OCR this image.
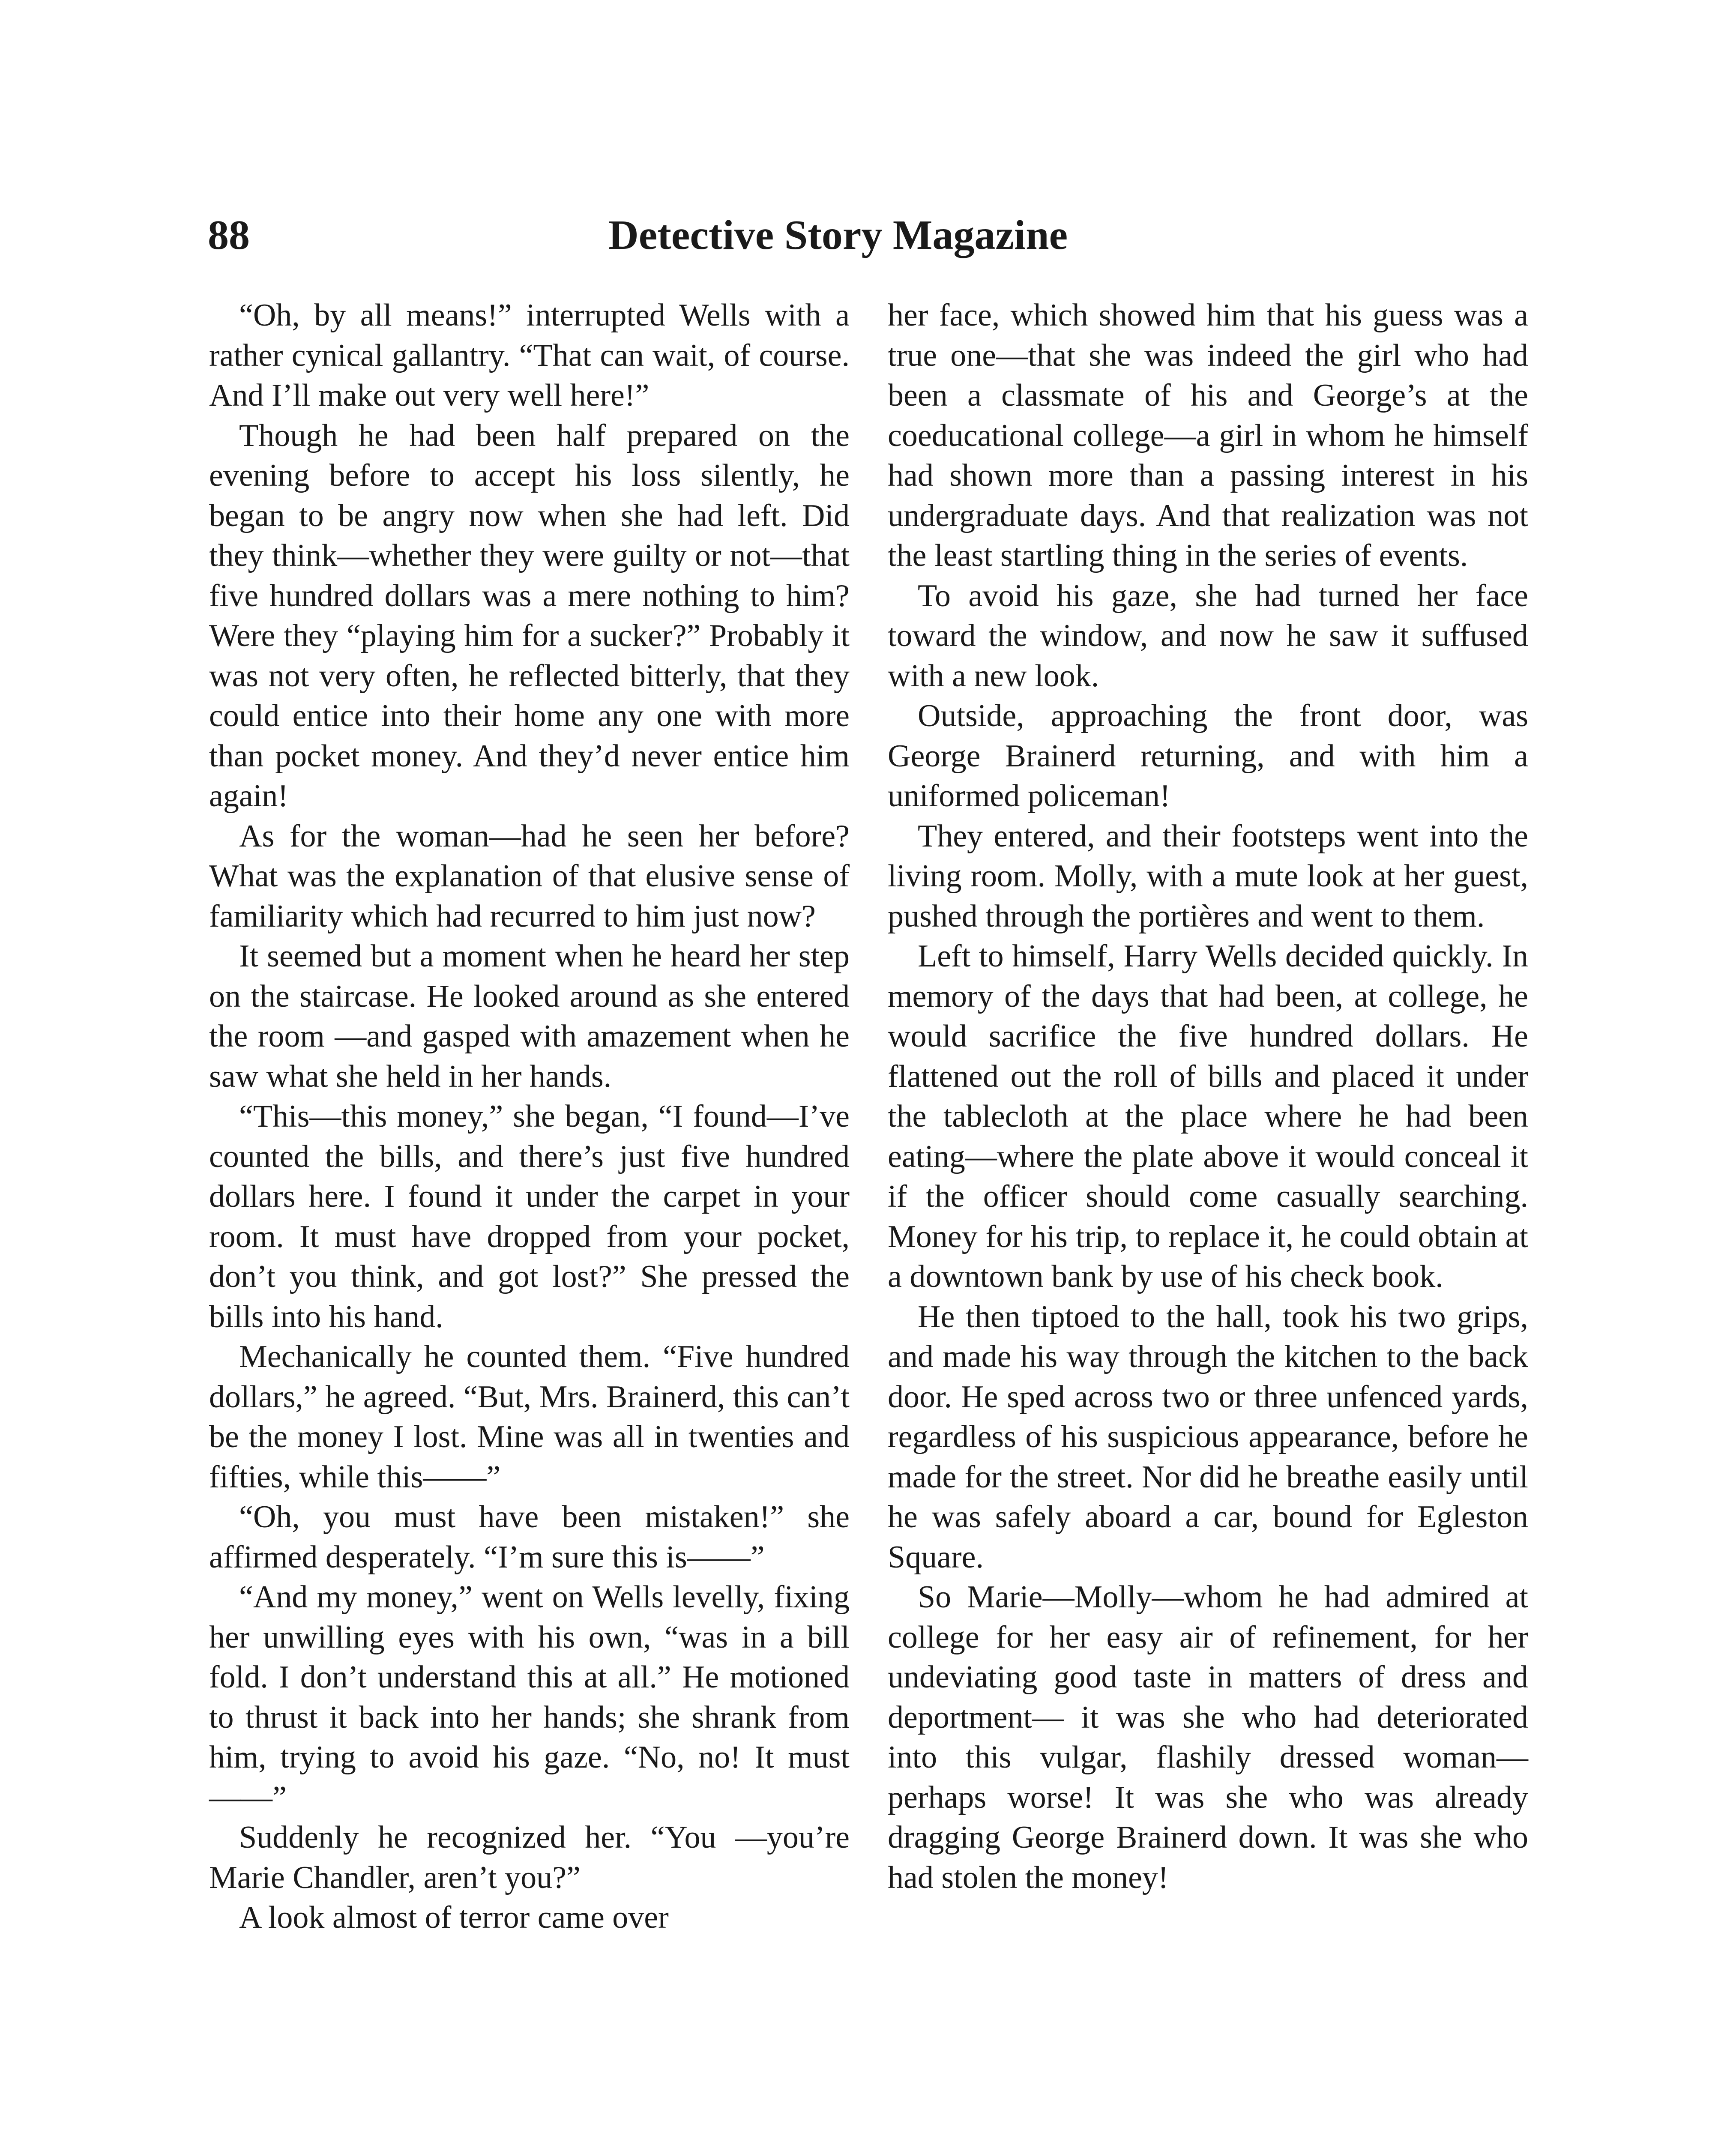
88	Detective Story Magazine

“Oh, by all means!” interrupted Wells with a rather cynical gallantry. “That can wait, of course. And I’ll make out very well here!”

Though he had been half prepared on the evening before to accept his loss silently, he began to be angry now when she had left. Did they think—whether they were guilty or not—that five hundred dollars was a mere nothing to him? Were they “playing him for a sucker?” Probably it was not very often, he reflected bitterly, that they could entice into their home any one with more than pocket money. And they’d never entice him again!

As for the woman—had he seen her before? What was the explanation of that elusive sense of familiarity which had recurred to him just now?

It seemed but a moment when he heard her step on the staircase. He looked around as she entered the room —and gasped with amazement when he saw what she held in her hands.

“This—this money,” she began, “I found—I’ve counted the bills, and there’s just five hundred dollars here. I found it under the carpet in your room. It must have dropped from your pocket, don’t you think, and got lost?” She pressed the bills into his hand.

Mechanically he counted them. “Five hundred dollars,” he agreed. “But, Mrs. Brainerd, this can’t be the money I lost. Mine was all in twenties and fifties, while this——”

“Oh, you must have been mistaken!” she affirmed desperately. “I’m sure this is——”

“And my money,” went on Wells levelly, fixing her unwilling eyes with his own, “was in a bill fold. I don’t understand this at all.” He motioned to thrust it back into her hands; she shrank from him, trying to avoid his gaze. “No, no! It must——”

Suddenly he recognized her. “You —you’re Marie Chandler, aren’t you?”

A look almost of terror came over

her face, which showed him that his guess was a true one—that she was indeed the girl who had been a classmate of his and George’s at the coeducational college—a girl in whom he himself had shown more than a passing interest in his undergraduate days. And that realization was not the least startling thing in the series of events.

To avoid his gaze, she had turned her face toward the window, and now he saw it suffused with a new look.

Outside, approaching the front door, was George Brainerd returning, and with him a uniformed policeman!

They entered, and their footsteps went into the living room. Molly, with a mute look at her guest, pushed through the portières and went to them.

Left to himself, Harry Wells decided quickly. In memory of the days that had been, at college, he would sacrifice the five hundred dollars. He flattened out the roll of bills and placed it under the tablecloth at the place where he had been eating—where the plate above it would conceal it if the officer should come casually searching. Money for his trip, to replace it, he could obtain at a downtown bank by use of his check book.

He then tiptoed to the hall, took his two grips, and made his way through the kitchen to the back door. He sped across two or three unfenced yards, regardless of his suspicious appearance, before he made for the street. Nor did he breathe easily until he was safely aboard a car, bound for Egleston Square.

So Marie—Molly—whom he had admired at college for her easy air of refinement, for her undeviating good taste in matters of dress and deportment— it was she who had deteriorated into this vulgar, flashily dressed woman— perhaps worse! It was she who was already dragging George Brainerd down. It was she who had stolen the money!
